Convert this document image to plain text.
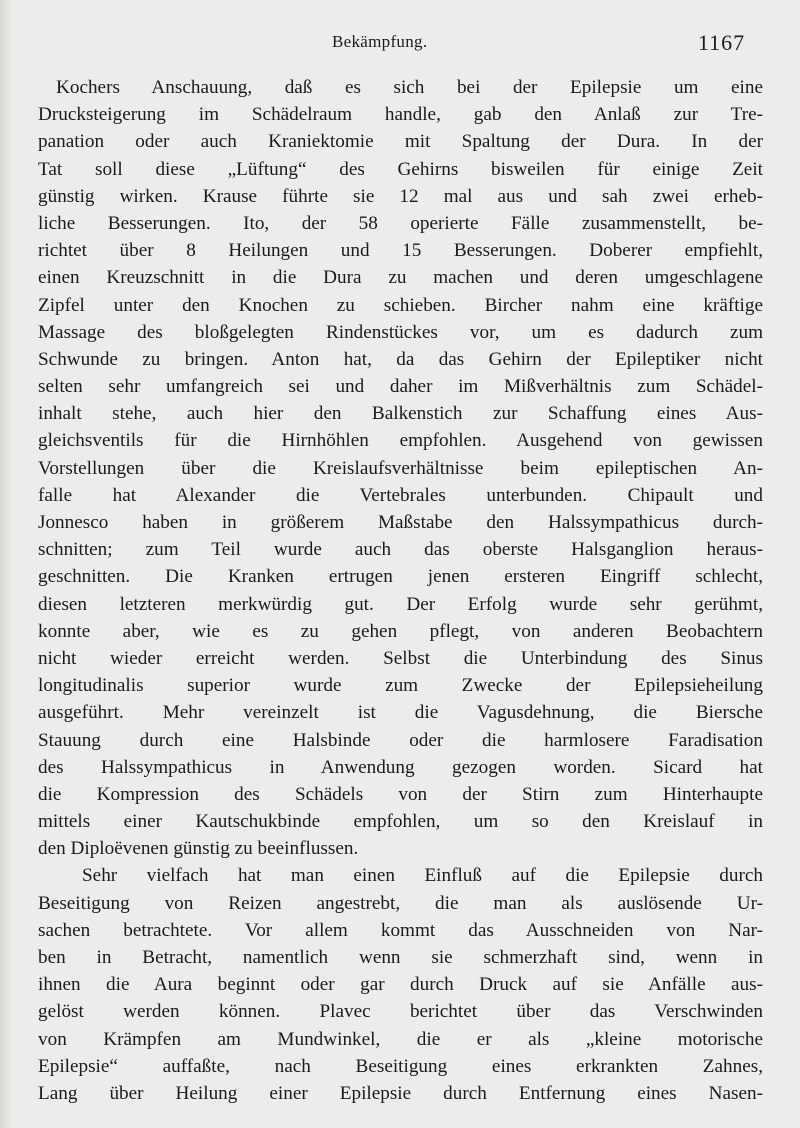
Bekämpfung.	1167
Kochers Anschauung, daß es sich bei der Epilepsie um eine
Drucksteigerung im Schädelraum handle, gab den Anlaß zur Tre-
panation oder auch Kraniektomie mit Spaltung der Dura. In der
Tat soll diese „Lüftung“ des Gehirns bisweilen für einige Zeit
günstig wirken. Krause führte sie 12 mal aus und sah zwei erheb-
liche Besserungen. Ito, der 58 operierte Fälle zusammenstellt, be-
richtet über 8 Heilungen und 15 Besserungen. Doberer empfiehlt,
einen Kreuzschnitt in die Dura zu machen und deren umgeschlagene
Zipfel unter den Knochen zu schieben. Bircher nahm eine kräftige
Massage des bloßgelegten Rindenstückes vor, um es dadurch zum
Schwunde zu bringen. Anton hat, da das Gehirn der Epileptiker nicht
selten sehr umfangreich sei und daher im Mißverhältnis zum Schädel-
inhalt stehe, auch hier den Balkenstich zur Schaffung eines Aus-
gleichsventils für die Hirnhöhlen empfohlen. Ausgehend von gewissen
Vorstellungen über die Kreislaufsverhältnisse beim epileptischen An-
falle hat Alexander die Vertebrales unterbunden. Chipault und
Jonnesco haben in größerem Maßstabe den Halssympathicus durch-
schnitten; zum Teil wurde auch das oberste Halsganglion heraus-
geschnitten. Die Kranken ertrugen jenen ersteren Eingriff schlecht,
diesen letzteren merkwürdig gut. Der Erfolg wurde sehr gerühmt,
konnte aber, wie es zu gehen pflegt, von anderen Beobachtern
nicht wieder erreicht werden. Selbst die Unterbindung des Sinus
longitudinalis superior wurde zum Zwecke der Epilepsieheilung
ausgeführt. Mehr vereinzelt ist die Vagusdehnung, die Biersche
Stauung durch eine Halsbinde oder die harmlosere Faradisation
des Halssympathicus in Anwendung gezogen worden. Sicard hat
die Kompression des Schädels von der Stirn zum Hinterhaupte
mittels einer Kautschukbinde empfohlen, um so den Kreislauf in
den Diploëvenen günstig zu beeinflussen.
Sehr vielfach hat man einen Einfluß auf die Epilepsie durch
Beseitigung von Reizen angestrebt, die man als auslösende Ur-
sachen betrachtete. Vor allem kommt das Ausschneiden von Nar-
ben in Betracht, namentlich wenn sie schmerzhaft sind, wenn in
ihnen die Aura beginnt oder gar durch Druck auf sie Anfälle aus-
gelöst werden können. Plavec berichtet über das Verschwinden
von Krämpfen am Mundwinkel, die er als „kleine motorische
Epilepsie“ auffaßte, nach Beseitigung eines erkrankten Zahnes,
Lang über Heilung einer Epilepsie durch Entfernung eines Nasen-
